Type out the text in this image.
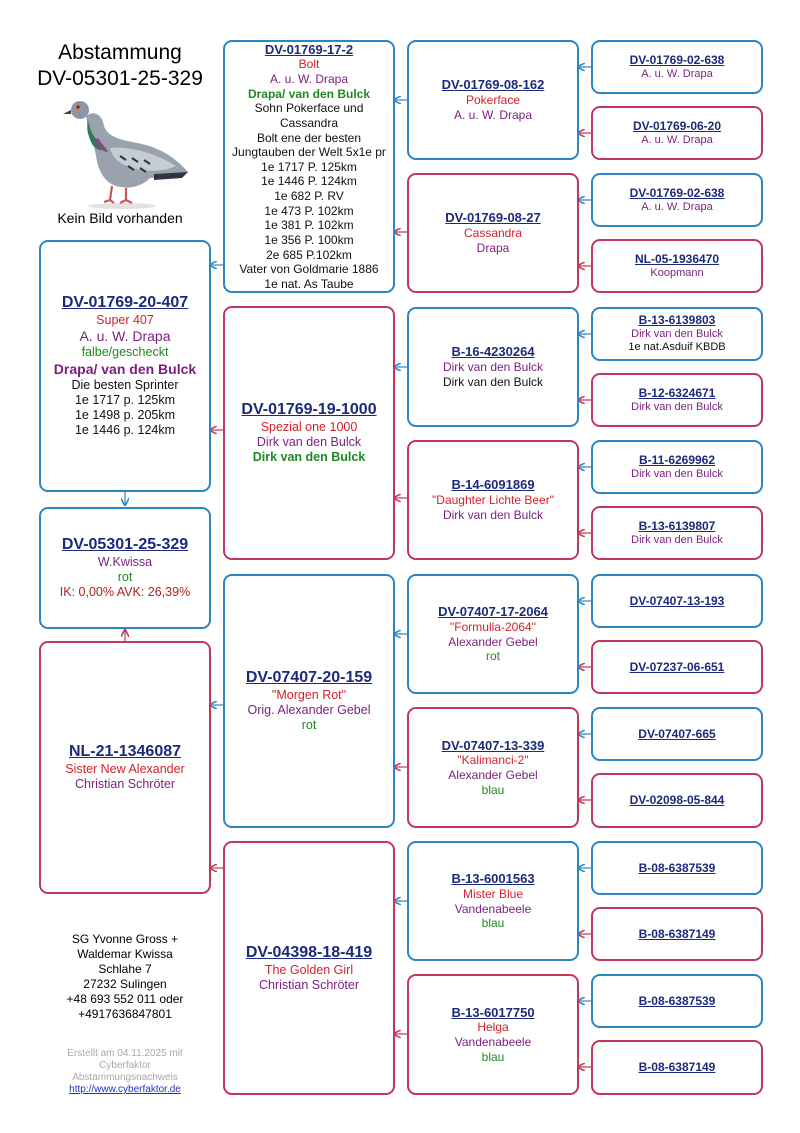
Abstammung
DV-05301-25-329
Kein Bild vorhanden
DV-01769-20-407
Super 407
A. u. W. Drapa
falbe/gescheckt
Drapa/ van den Bulck
Die besten Sprinter
1e 1717 p. 125km
1e 1498 p. 205km
1e 1446 p. 124km
DV-05301-25-329
W.Kwissa
rot
IK: 0,00% AVK: 26,39%
NL-21-1346087
Sister New Alexander
Christian Schröter
DV-01769-17-2
Bolt
A. u. W. Drapa
Drapa/ van den Bulck
Sohn Pokerface und
Cassandra
Bolt ene der besten
Jungtauben der Welt 5x1e pr
1e 1717 P. 125km
1e 1446 P. 124km
1e 682 P. RV
1e 473 P. 102km
1e 381 P. 102km
1e 356 P. 100km
2e 685 P.102km
Vater von Goldmarie 1886
1e nat. As Taube
DV-01769-19-1000
Spezial one 1000
Dirk van den Bulck
Dirk van den Bulck
DV-07407-20-159
"Morgen Rot"
Orig. Alexander Gebel
rot
DV-04398-18-419
The Golden Girl
Christian Schröter
DV-01769-08-162
Pokerface
A. u. W. Drapa
DV-01769-08-27
Cassandra
Drapa
B-16-4230264
Dirk van den Bulck
Dirk van den Bulck
B-14-6091869
"Daughter Lichte Beer"
Dirk van den Bulck
DV-07407-17-2064
"Formulla-2064"
Alexander Gebel
rot
DV-07407-13-339
"Kalimanci-2"
Alexander Gebel
blau
B-13-6001563
Mister Blue
Vandenabeele
blau
B-13-6017750
Helga
Vandenabeele
blau
DV-01769-02-638
A. u. W. Drapa
DV-01769-06-20
A. u. W. Drapa
DV-01769-02-638
A. u. W. Drapa
NL-05-1936470
Koopmann
B-13-6139803
Dirk van den Bulck
1e nat.Asduif KBDB
B-12-6324671
Dirk van den Bulck
B-11-6269962
Dirk van den Bulck
B-13-6139807
Dirk van den Bulck
DV-07407-13-193
DV-07237-06-651
DV-07407-665
DV-02098-05-844
B-08-6387539
B-08-6387149
B-08-6387539
B-08-6387149
SG Yvonne Gross +
Waldemar Kwissa
Schlahe 7
27232 Sulingen
+48 693 552 011 oder
+4917636847801
Erstellt am 04.11.2025 mit
Cyberfaktor
Abstammungsnachweis
http://www.cyberfaktor.de
